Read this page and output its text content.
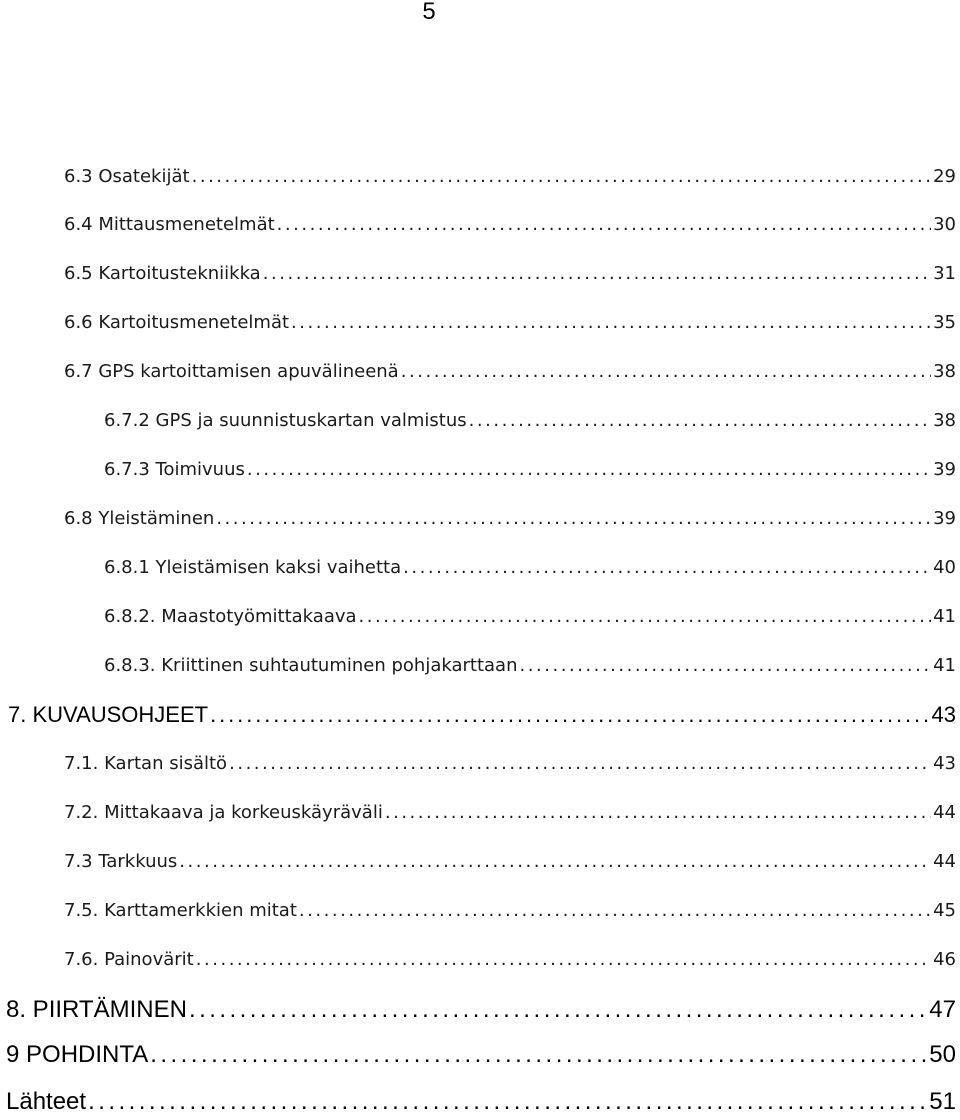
5
6.3 Osatekijät . . .	29
6.4 Mittausmenetelmät . . .	30
6.5 Kartoitustekniikka . . .	31
6.6 Kartoitusmenetelmät . . .	35
6.7 GPS kartoittamisen apuvälineenä . . .	38
6.7.2 GPS ja suunnistuskartan valmistus . . .	38
6.7.3 Toimivuus . . .	39
6.8 Yleistäminen . . .	39
6.8.1 Yleistämisen kaksi vaihetta . . .	40
6.8.2. Maastotyömittakaava . . .	41
6.8.3. Kriittinen suhtautuminen pohjakarttaan . . .	41
7. KUVAUSOHJEET . . .	43
7.1. Kartan sisältö . . .	43
7.2. Mittakaava ja korkeuskäyräväli . . .	44
7.3 Tarkkuus . . .	44
7.5. Karttamerkkien mitat . . .	45
7.6. Painovärit . . .	46
8. PIIRTÄMINEN . . .	47
9 POHDINTA . . .	50
Lähteet . . .	51
